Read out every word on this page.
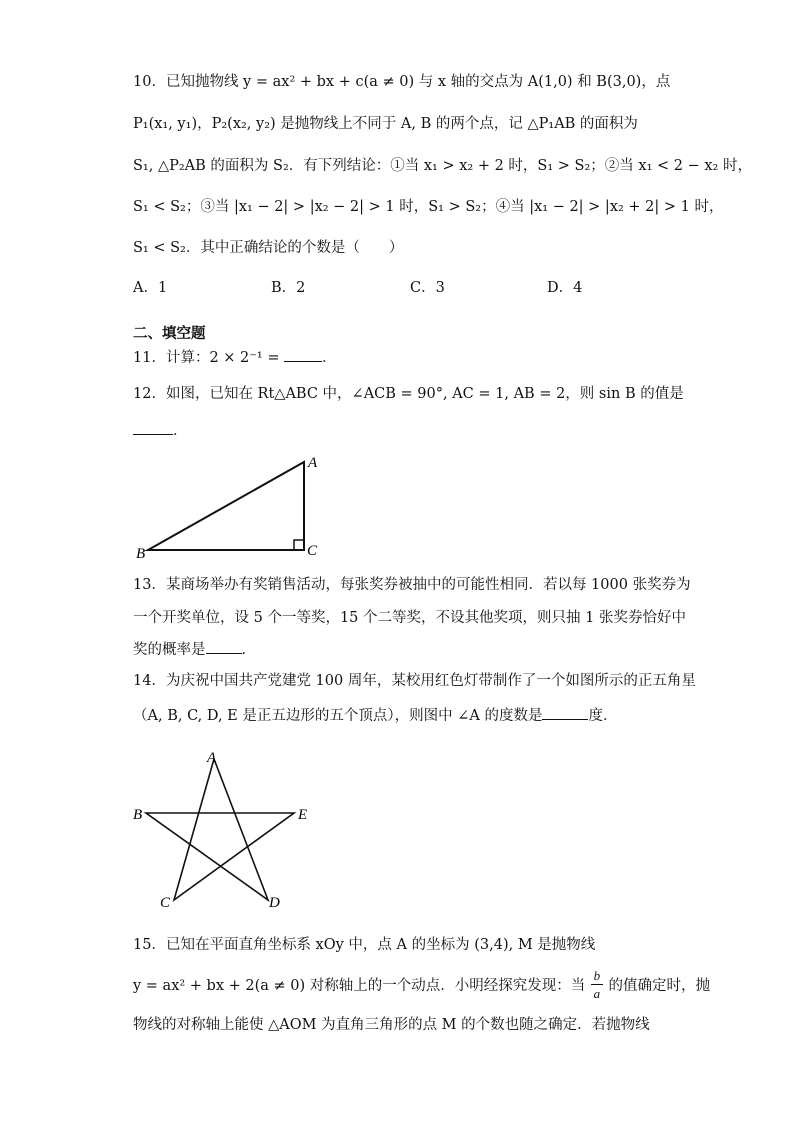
10．已知抛物线 y = ax² + bx + c(a ≠ 0) 与 x 轴的交点为 A(1,0) 和 B(3,0)，点
P₁(x₁, y₁)，P₂(x₂, y₂) 是抛物线上不同于 A, B 的两个点，记 △P₁AB 的面积为
S₁, △P₂AB 的面积为 S₂．有下列结论：①当 x₁ > x₂ + 2 时，S₁ > S₂；②当 x₁ < 2 − x₂ 时，
S₁ < S₂；③当 |x₁ − 2| > |x₂ − 2| > 1 时，S₁ > S₂；④当 |x₁ − 2| > |x₂ + 2| > 1 时，
S₁ < S₂．其中正确结论的个数是（　　）
A．1	B．2	C．3	D．4
二、填空题
11．计算：2 × 2⁻¹ =	．
12．如图，已知在 Rt△ABC 中，∠ACB = 90°, AC = 1, AB = 2，则 sin B 的值是
．
A
B	C
13．某商场举办有奖销售活动，每张奖券被抽中的可能性相同．若以每 1000 张奖券为
一个开奖单位，设 5 个一等奖，15 个二等奖，不设其他奖项，则只抽 1 张奖券恰好中
奖的概率是 ．
14．为庆祝中国共产党建党 100 周年，某校用红色灯带制作了一个如图所示的正五角星
（A, B, C, D, E 是正五边形的五个顶点），则图中 ∠A 的度数是	度．
A
B	E
C	D
15．已知在平面直角坐标系 xOy 中，点 A 的坐标为 (3,4), M 是抛物线
y = ax² + bx + 2(a ≠ 0) 对称轴上的一个动点．小明经探究发现：当 $\frac{b}{a}$ 的值确定时，抛
物线的对称轴上能使 △AOM 为直角三角形的点 M 的个数也随之确定．若抛物线
